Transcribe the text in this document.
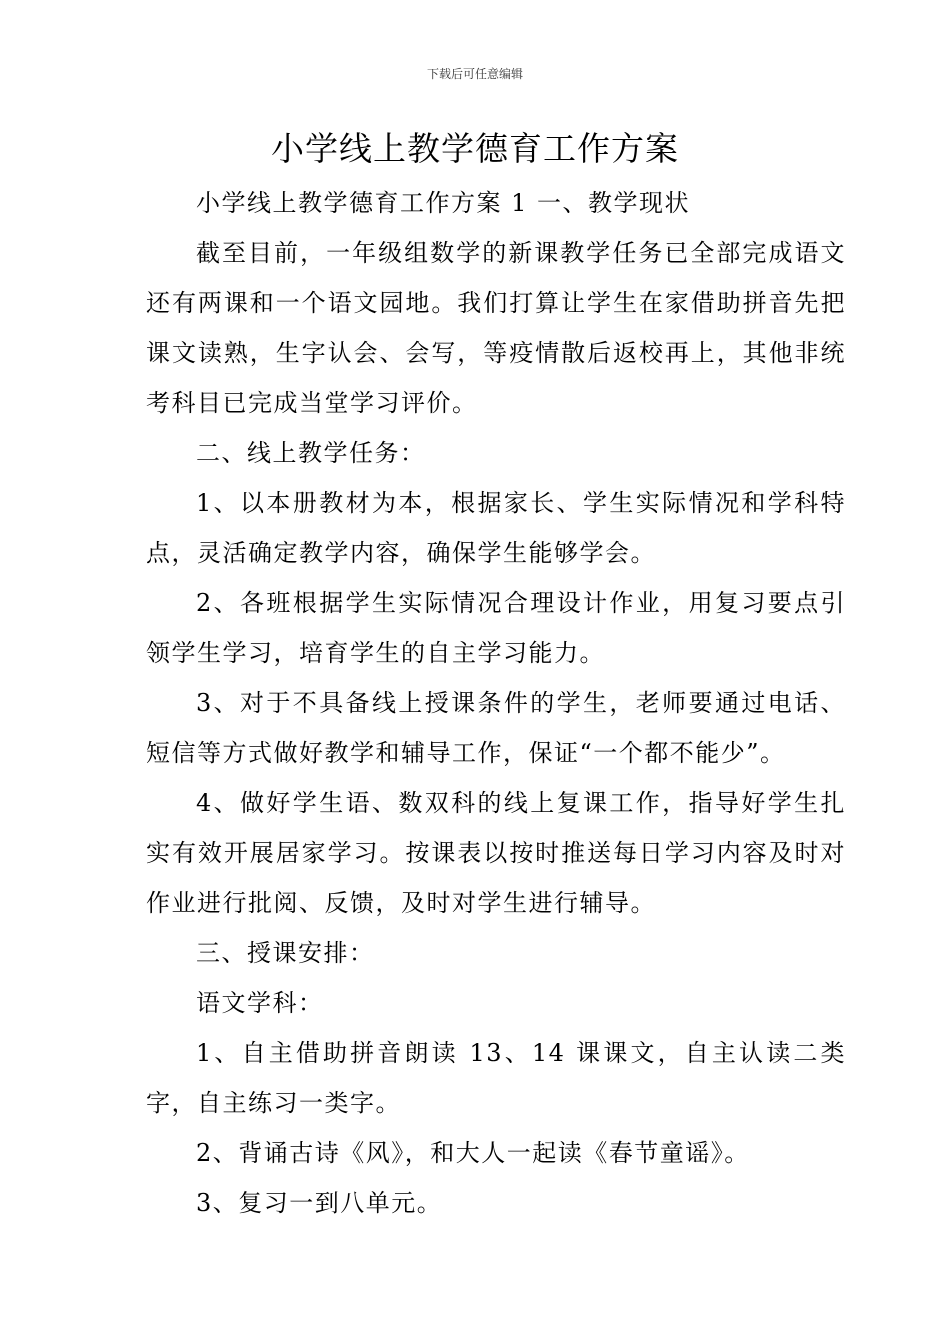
下载后可任意编辑
小学线上教学德育工作方案

小学线上教学德育工作方案 1 一、教学现状

截至目前，一年级组数学的新课教学任务已全部完成语文还有两课和一个语文园地。我们打算让学生在家借助拼音先把课文读熟，生字认会、会写，等疫情散后返校再上，其他非统考科目已完成当堂学习评价。

二、线上教学任务：

1、以本册教材为本，根据家长、学生实际情况和学科特点，灵活确定教学内容，确保学生能够学会。

2、各班根据学生实际情况合理设计作业，用复习要点引领学生学习，培育学生的自主学习能力。

3、对于不具备线上授课条件的学生，老师要通过电话、短信等方式做好教学和辅导工作，保证“一个都不能少”。

4、做好学生语、数双科的线上复课工作，指导好学生扎实有效开展居家学习。按课表以按时推送每日学习内容及时对作业进行批阅、反馈，及时对学生进行辅导。

三、授课安排：

语文学科：

1、自主借助拼音朗读 13、14 课课文，自主认读二类字，自主练习一类字。

2、背诵古诗《风》，和大人一起读《春节童谣》。

3、复习一到八单元。
